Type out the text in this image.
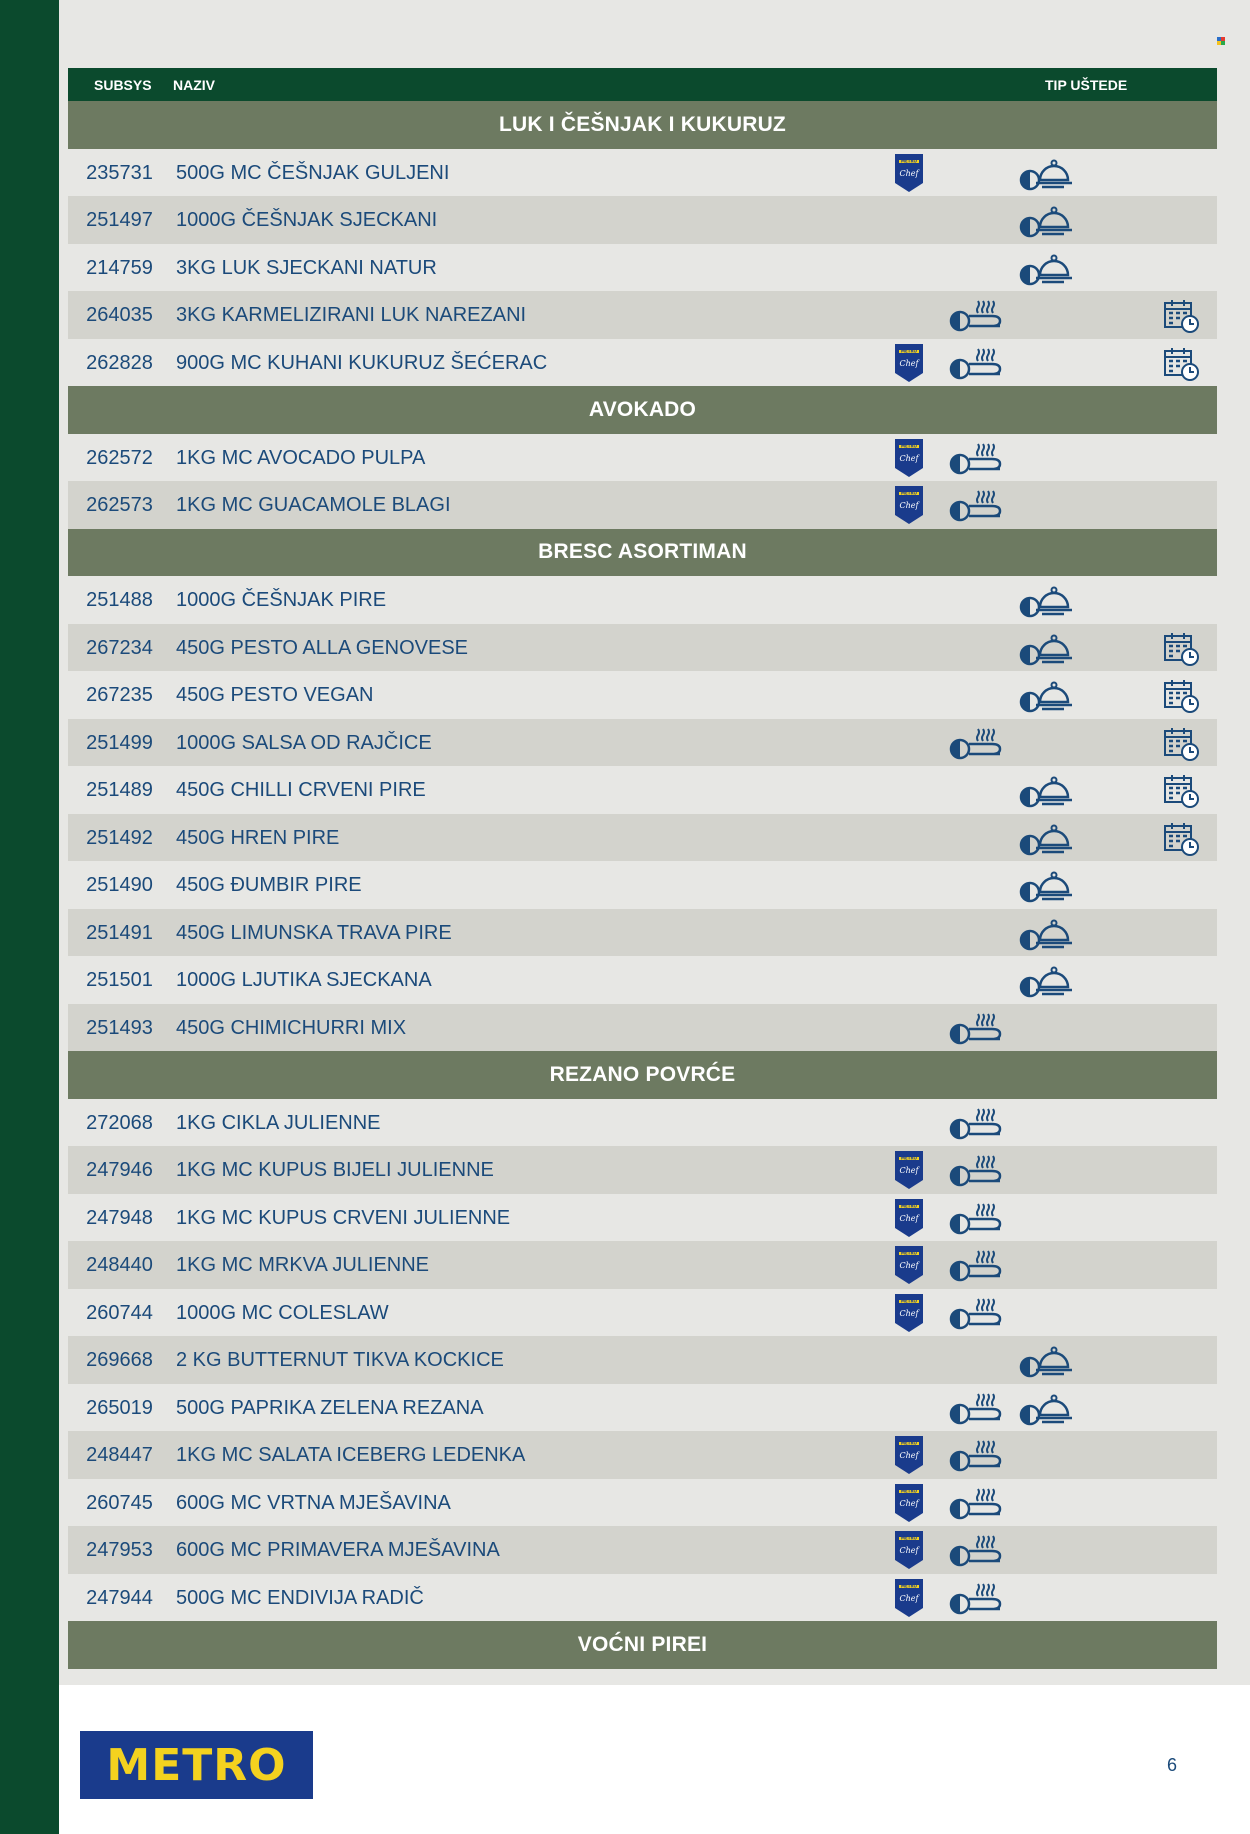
SUBSYS NAZIV	TIP UŠTEDE
LUK I ČEŠNJAK I KUKURUZ
235731	500G MC ČEŠNJAK GULJENI
METRO
Chef
251497	1000G ČEŠNJAK SJECKANI
214759	3KG LUK SJECKANI NATUR
264035	3KG KARMELIZIRANI LUK NAREZANI
262828	900G MC KUHANI KUKURUZ ŠEĆERAC
METRO
Chef
AVOKADO
262572	1KG MC AVOCADO PULPA
METRO
Chef
262573	1KG MC GUACAMOLE BLAGI
METRO
Chef
BRESC ASORTIMAN
251488	1000G ČEŠNJAK PIRE
267234	450G PESTO ALLA GENOVESE
267235	450G PESTO VEGAN
251499	1000G SALSA OD RAJČICE
251489	450G CHILLI CRVENI PIRE
251492	450G HREN PIRE
251490	450G ĐUMBIR PIRE
251491	450G LIMUNSKA TRAVA PIRE
251501	1000G LJUTIKA SJECKANA
251493	450G CHIMICHURRI MIX
REZANO POVRĆE
272068	1KG CIKLA JULIENNE
247946	1KG MC KUPUS BIJELI JULIENNE
METRO
Chef
247948	1KG MC KUPUS CRVENI JULIENNE
METRO
Chef
248440	1KG MC MRKVA JULIENNE
METRO
Chef
260744	1000G MC COLESLAW
METRO
Chef
269668	2 KG BUTTERNUT TIKVA KOCKICE
265019	500G PAPRIKA ZELENA REZANA
248447	1KG MC SALATA ICEBERG LEDENKA
METRO
Chef
260745	600G MC VRTNA MJEŠAVINA
METRO
Chef
247953	600G MC PRIMAVERA MJEŠAVINA
METRO
Chef
247944	500G MC ENDIVIJA RADIČ
METRO
Chef
VOĆNI PIREI
METRO	6
